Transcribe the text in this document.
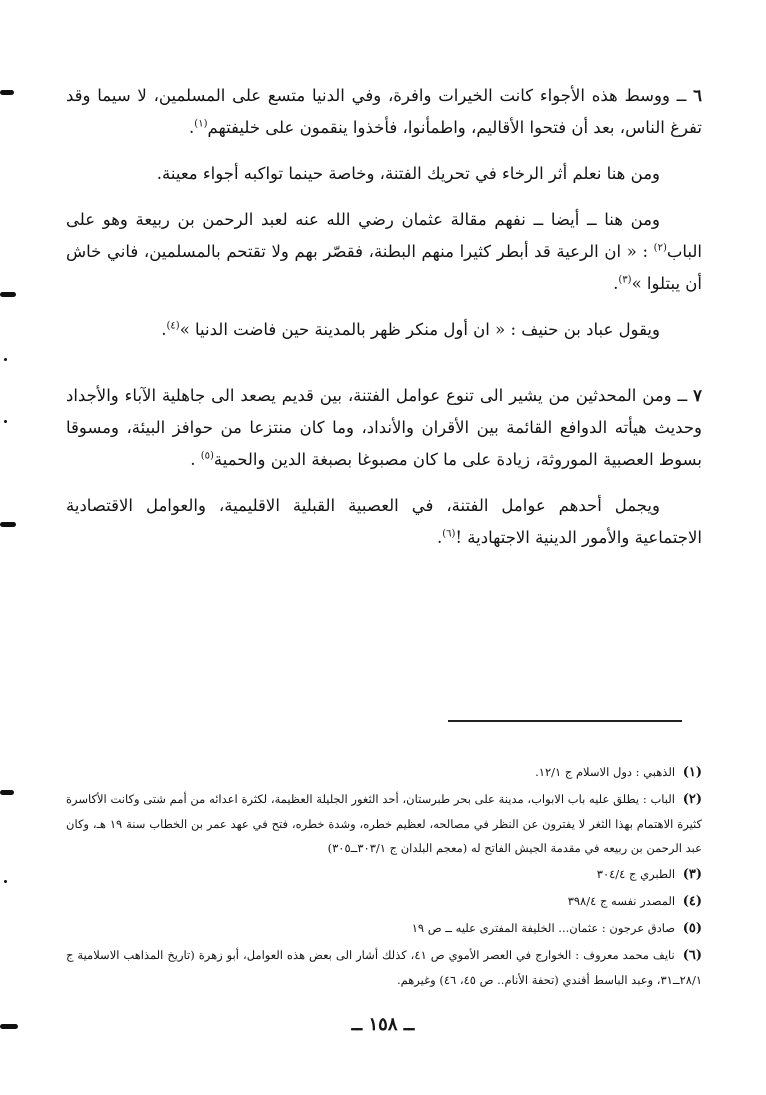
٦ ــ ووسط هذه الأجواء كانت الخيرات وافرة، وفي الدنيا متسع على المسلمين، لا سيما وقد تفرغ الناس، بعد أن فتحوا الأقاليم، واطمأنوا، فأخذوا ينقمون على خليفتهم$^{(١)}$.

ومن هنا نعلم أثر الرخاء في تحريك الفتنة، وخاصة حينما تواكبه أجواء معينة.

ومن هنا ــ أيضا ــ نفهم مقالة عثمان رضي الله عنه لعبد الرحمن بن ربيعة وهو على الباب$^{(٢)}$ : « ان الرعية قد أبطر كثيرا منهم البطنة، فقصّر بهم ولا تقتحم بالمسلمين، فاني خاش أن يبتلوا »$^{(٣)}$.

ويقول عباد بن حنيف : « ان أول منكر ظهر بالمدينة حين فاضت الدنيا »$^{(٤)}$.

٧ ــ ومن المحدثين من يشير الى تنوع عوامل الفتنة، بين قديم يصعد الى جاهلية الآباء والأجداد وحديث هيأته الدوافع القائمة بين الأقران والأنداد، وما كان منتزعا من حوافز البيئة، ومسوقا بسوط العصبية الموروثة، زيادة على ما كان مصبوغا بصبغة الدين والحمية$^{(٥)}$ .

ويجمل أحدهم عوامل الفتنة، في العصبية القبلية الاقليمية، والعوامل الاقتصادية الاجتماعية والأمور الدينية الاجتهادية !$^{(٦)}$.

(١) الذهبي : دول الاسلام ج ١٢/١.
(٢) الباب : يطلق عليه باب الابواب، مدينة على بحر طبرستان، أحد الثغور الجليلة العظيمة، لكثرة اعدائه من أمم شتى وكانت الأكاسرة كثيرة الاهتمام بهذا الثغر لا يفترون عن النظر في مصالحه، لعظيم خطره، وشدة خطره، فتح في عهد عمر بن الخطاب سنة ١٩ هـ، وكان عبد الرحمن بن ربيعه في مقدمة الجيش الفاتح له (معجم البلدان ج ٣٠٣/١ــ٣٠٥)
(٣) الطبري ج ٣٠٤/٤
(٤) المصدر نفسه ج ٣٩٨/٤
(٥) صادق عرجون : عثمان... الخليفة المفترى عليه ــ ص ١٩
(٦) نايف محمد معروف : الخوارج في العصر الأموي ص ٤١، كذلك أشار الى بعض هذه العوامل، أبو زهرة (تاريخ المذاهب الاسلامية ج ٢٨/١ــ٣١، وعبد الباسط أفندي (تحفة الأنام.. ص ٤٥، ٤٦) وغيرهم.
ــ ١٥٨ ــ
